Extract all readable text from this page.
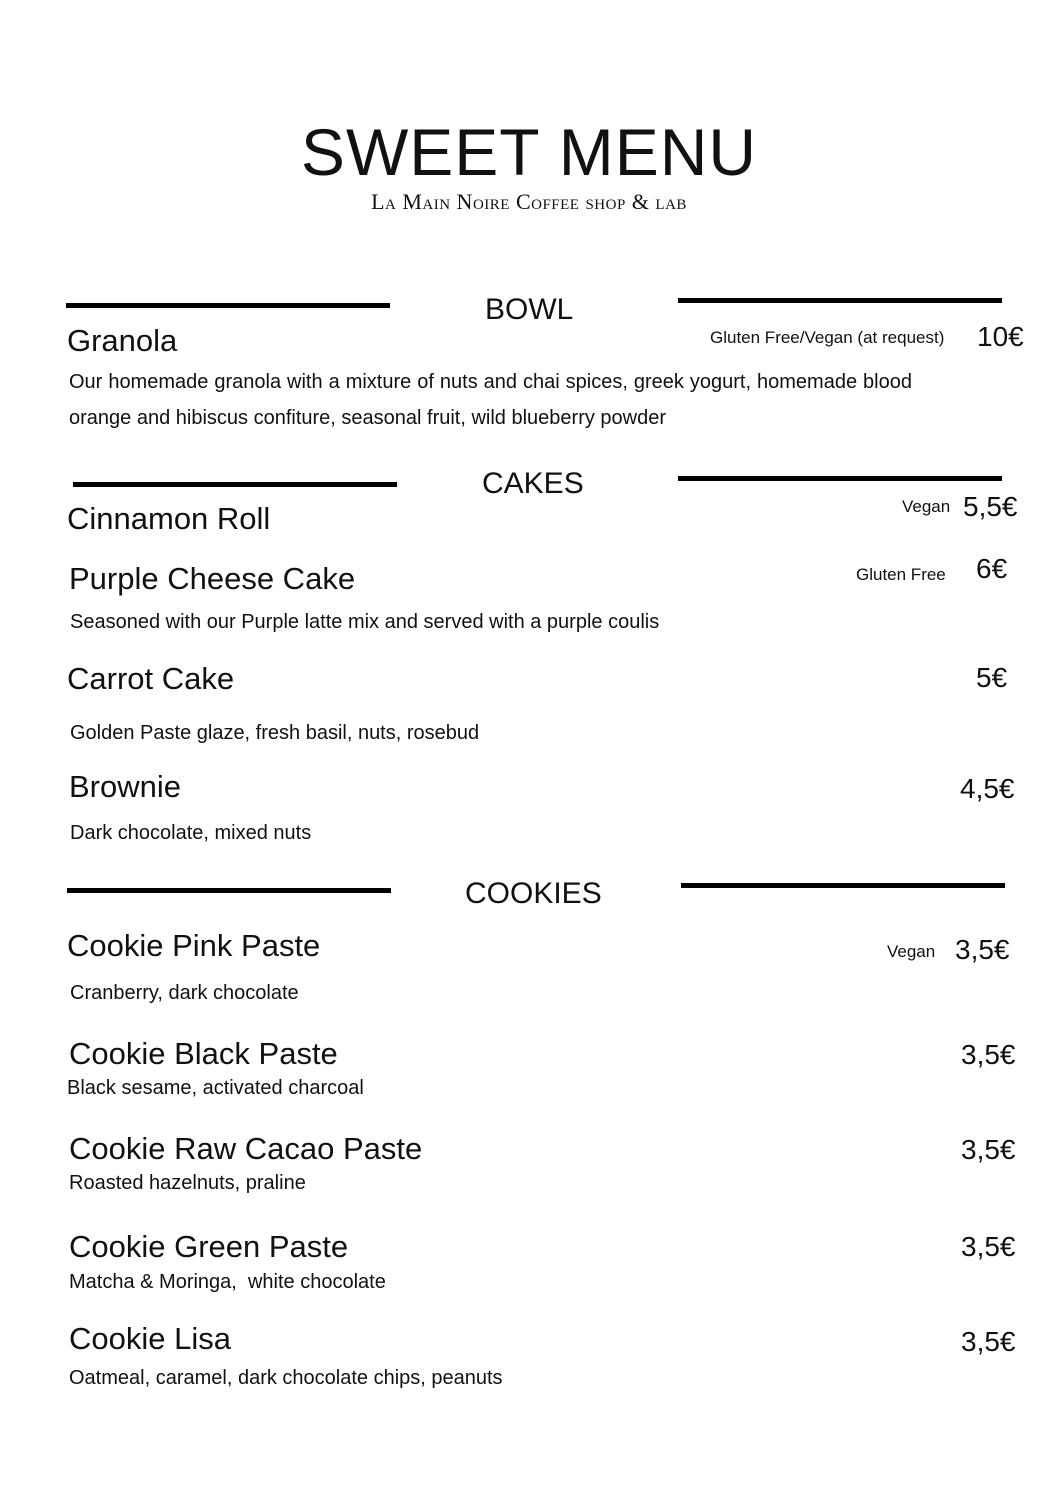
SWEET MENU
La Main Noire Coffee shop & lab
BOWL
Granola	Gluten Free/Vegan (at request) 10€
Our homemade granola with a mixture of nuts and chai spices, greek yogurt, homemade blood orange and hibiscus confiture, seasonal fruit, wild blueberry powder
CAKES
Cinnamon Roll	Vegan 5,5€
Purple Cheese Cake	Gluten Free 6€
Seasoned with our Purple latte mix and served with a purple coulis
Carrot Cake	5€
Golden Paste glaze, fresh basil, nuts, rosebud
Brownie	4,5€
Dark chocolate, mixed nuts
COOKIES
Cookie Pink Paste	Vegan 3,5€
Cranberry, dark chocolate
Cookie Black Paste	3,5€
Black sesame, activated charcoal
Cookie Raw Cacao Paste	3,5€
Roasted hazelnuts, praline
Cookie Green Paste	3,5€
Matcha & Moringa,  white chocolate
Cookie Lisa	3,5€
Oatmeal, caramel, dark chocolate chips, peanuts
